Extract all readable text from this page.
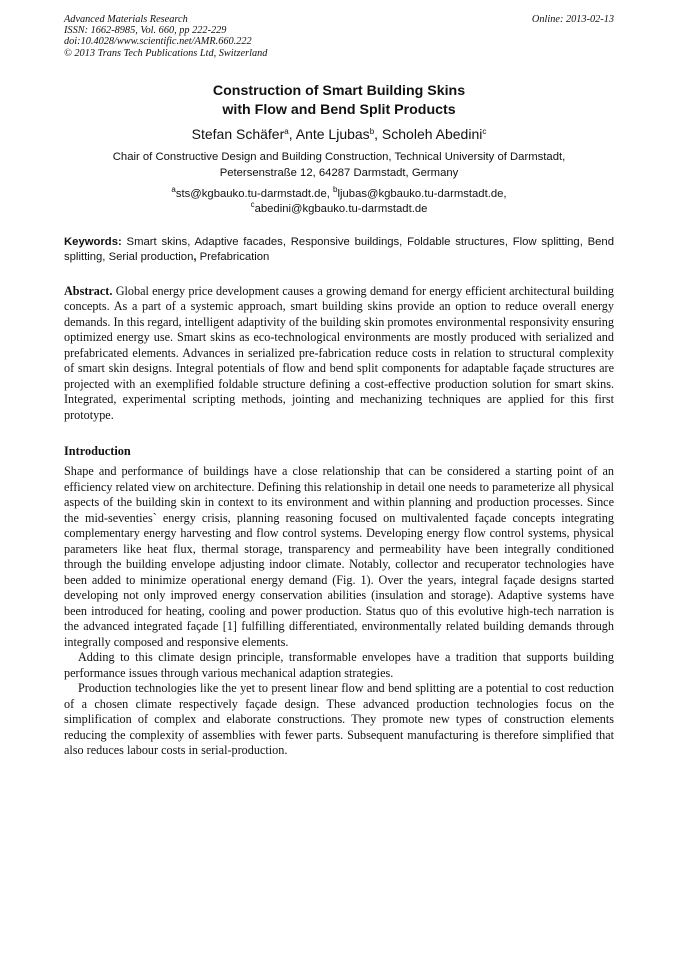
Advanced Materials Research
ISSN: 1662-8985, Vol. 660, pp 222-229
doi:10.4028/www.scientific.net/AMR.660.222
© 2013 Trans Tech Publications Ltd, Switzerland
Online: 2013-02-13
Construction of Smart Building Skins
with Flow and Bend Split Products
Stefan Schäfer$^a$, Ante Ljubas$^b$, Scholeh Abedini$^c$
Chair of Constructive Design and Building Construction, Technical University of Darmstadt,
Petersenstraße 12, 64287 Darmstadt, Germany
$^a$sts@kgbauko.tu-darmstadt.de, $^b$ljubas@kgbauko.tu-darmstadt.de,
$^c$abedini@kgbauko.tu-darmstadt.de
Keywords: Smart skins, Adaptive facades, Responsive buildings, Foldable structures, Flow splitting, Bend splitting, Serial production, Prefabrication
Abstract. Global energy price development causes a growing demand for energy efficient architectural building concepts. As a part of a systemic approach, smart building skins provide an option to reduce overall energy demands. In this regard, intelligent adaptivity of the building skin promotes environmental responsivity ensuring optimized energy use. Smart skins as eco-technological environments are mostly produced with serialized and prefabricated elements. Advances in serialized pre-fabrication reduce costs in relation to structural complexity of smart skin designs. Integral potentials of flow and bend split components for adaptable façade structures are projected with an exemplified foldable structure defining a cost-effective production solution for smart skins. Integrated, experimental scripting methods, jointing and mechanizing techniques are applied for this first prototype.
Introduction
Shape and performance of buildings have a close relationship that can be considered a starting point of an efficiency related view on architecture. Defining this relationship in detail one needs to parameterize all physical aspects of the building skin in context to its environment and within planning and production processes. Since the mid-seventies` energy crisis, planning reasoning focused on multivalented façade concepts integrating complementary energy harvesting and flow control systems. Developing energy flow control systems, physical parameters like heat flux, thermal storage, transparency and permeability have been integrally conditioned through the building envelope adjusting indoor climate. Notably, collector and recuperator technologies have been added to minimize operational energy demand (Fig. 1). Over the years, integral façade designs started developing not only improved energy conservation abilities (insulation and storage). Adaptive systems have been introduced for heating, cooling and power production. Status quo of this evolutive high-tech narration is the advanced integrated façade [1] fulfilling differentiated, environmentally related building demands through integrally composed and responsive elements.
Adding to this climate design principle, transformable envelopes have a tradition that supports building performance issues through various mechanical adaption strategies.
Production technologies like the yet to present linear flow and bend splitting are a potential to cost reduction of a chosen climate respectively façade design. These advanced production technologies focus on the simplification of complex and elaborate constructions. They promote new types of construction elements reducing the complexity of assemblies with fewer parts. Subsequent manufacturing is therefore simplified that also reduces labour costs in serial-production.
